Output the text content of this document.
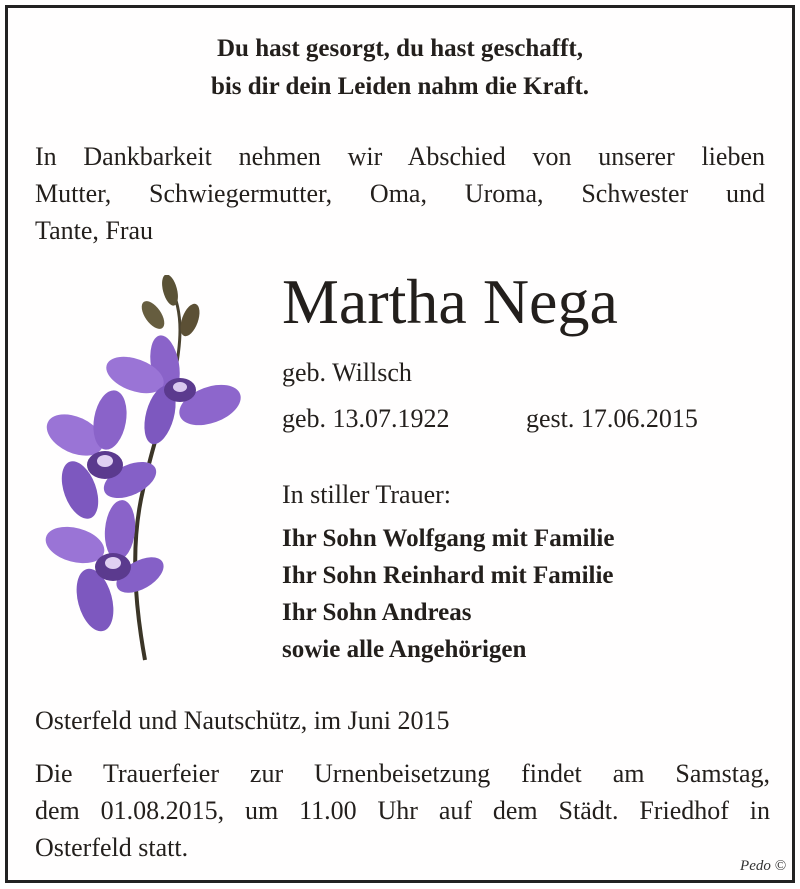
Du hast gesorgt, du hast geschafft,
bis dir dein Leiden nahm die Kraft.
In Dankbarkeit nehmen wir Abschied von unserer lieben
Mutter, Schwiegermutter, Oma, Uroma, Schwester und
Tante, Frau
Martha Nega
geb. Willsch
geb. 13.07.1922	gest. 17.06.2015
In stiller Trauer:
Ihr Sohn Wolfgang mit Familie
Ihr Sohn Reinhard mit Familie
Ihr Sohn Andreas
sowie alle Angehörigen
Osterfeld und Nautschütz, im Juni 2015
Die Trauerfeier zur Urnenbeisetzung findet am Samstag,
dem 01.08.2015, um 11.00 Uhr auf dem Städt. Friedhof in
Osterfeld statt.
Pedo ©
